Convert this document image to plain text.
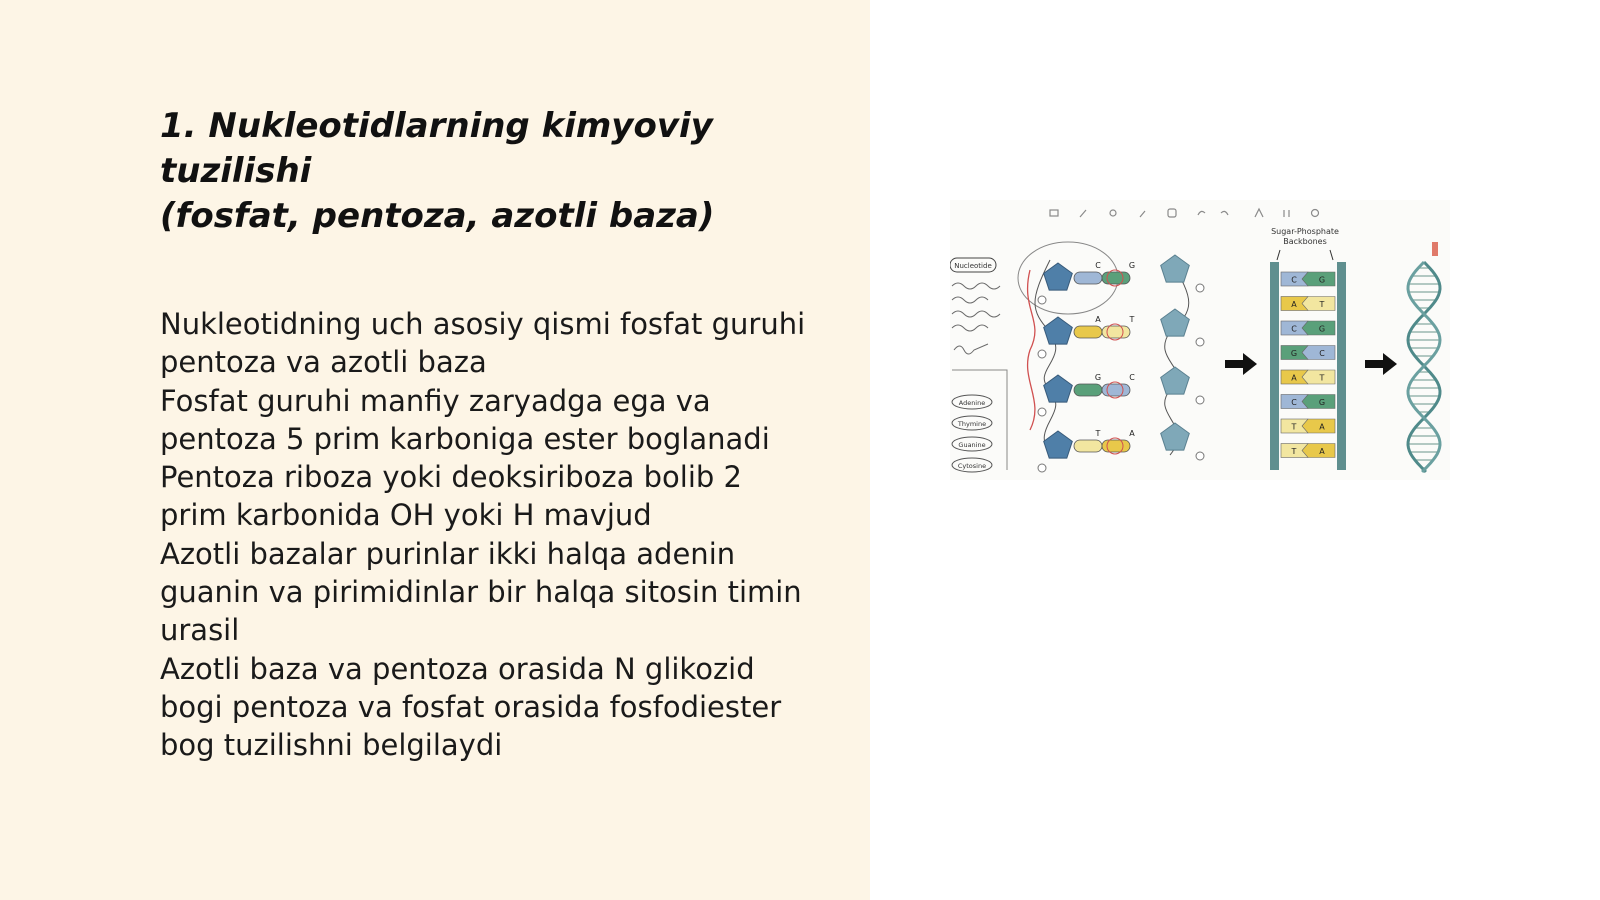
1. Nukleotidlarning kimyoviy tuzilishi
(fosfat, pentoza, azotli baza)
Nukleotidning uch asosiy qismi fosfat guruhi
pentoza va azotli baza
Fosfat guruhi manfiy zaryadga ega va
pentoza 5 prim karboniga ester boglanadi
Pentoza riboza yoki deoksiriboza bolib 2
prim karbonida OH yoki H mavjud
Azotli bazalar purinlar ikki halqa adenin
guanin va pirimidinlar bir halqa sitosin timin
urasil
Azotli baza va pentoza orasida N glikozid
bogi pentoza va fosfat orasida fosfodiester
bog tuzilishni belgilaydi
Sugar-Phosphate
Backbones
Nucleotide
Adenine
Thymine
Guanine
Cytosine
C	G
A	T
G	C
T	A
C	G
A	T
C	G
G	C
A	T
C	G
T	A
T	A
